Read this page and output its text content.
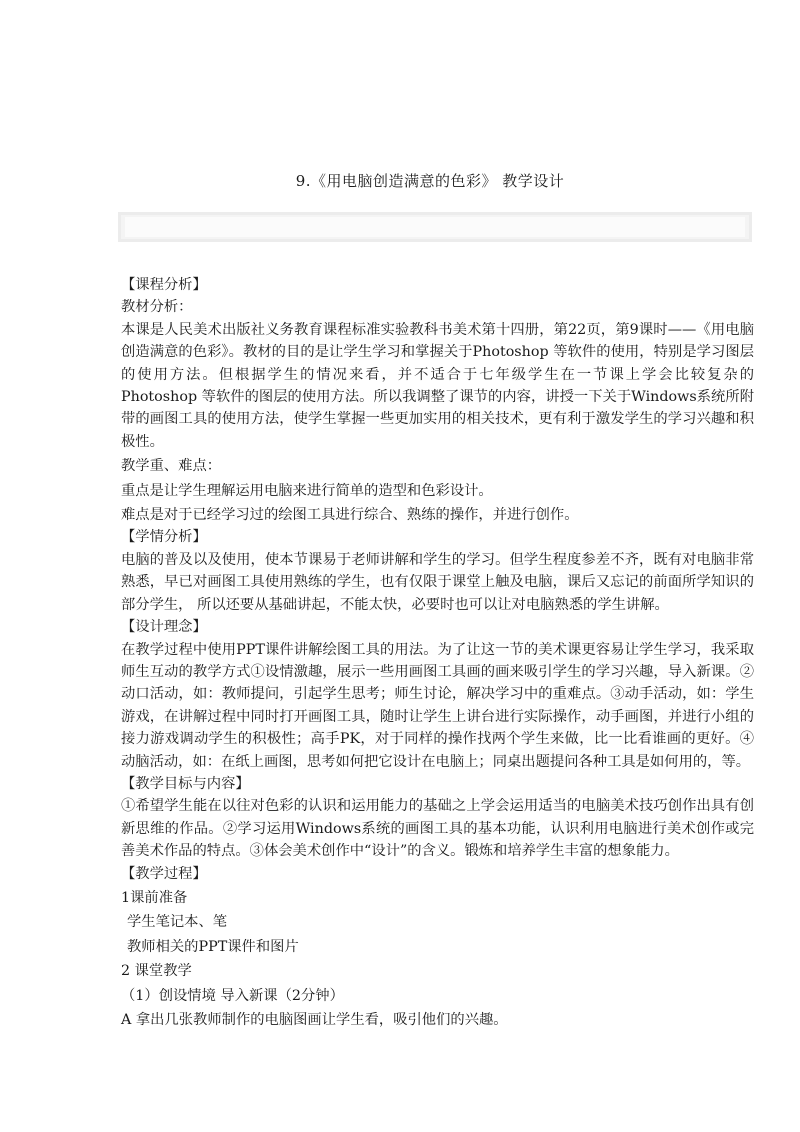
9.《用电脑创造满意的色彩》 教学设计

【课程分析】

教材分析：

本课是人民美术出版社义务教育课程标准实验教科书美术第十四册，第22页，第9课时——《用电脑创造满意的色彩》。教材的目的是让学生学习和掌握关于Photoshop 等软件的使用，特别是学习图层的使用方法。但根据学生的情况来看，并不适合于七年级学生在一节课上学会比较复杂的Photoshop 等软件的图层的使用方法。所以我调整了课节的内容，讲授一下关于Windows系统所附带的画图工具的使用方法，使学生掌握一些更加实用的相关技术，更有利于激发学生的学习兴趣和积极性。

教学重、难点：

重点是让学生理解运用电脑来进行简单的造型和色彩设计。

难点是对于已经学习过的绘图工具进行综合、熟练的操作，并进行创作。

【学情分析】

电脑的普及以及使用，使本节课易于老师讲解和学生的学习。但学生程度参差不齐，既有对电脑非常熟悉，早已对画图工具使用熟练的学生，也有仅限于课堂上触及电脑，课后又忘记的前面所学知识的部分学生， 所以还要从基础讲起，不能太快，必要时也可以让对电脑熟悉的学生讲解。

【设计理念】

在教学过程中使用PPT课件讲解绘图工具的用法。为了让这一节的美术课更容易让学生学习，我采取师生互动的教学方式①设情激趣，展示一些用画图工具画的画来吸引学生的学习兴趣，导入新课。②动口活动，如：教师提问，引起学生思考；师生讨论，解决学习中的重难点。③动手活动，如：学生游戏，在讲解过程中同时打开画图工具，随时让学生上讲台进行实际操作，动手画图，并进行小组的接力游戏调动学生的积极性；高手PK，对于同样的操作找两个学生来做，比一比看谁画的更好。④动脑活动，如：在纸上画图，思考如何把它设计在电脑上；同桌出题提问各种工具是如何用的，等。

【教学目标与内容】

①希望学生能在以往对色彩的认识和运用能力的基础之上学会运用适当的电脑美术技巧创作出具有创新思维的作品。②学习运用Windows系统的画图工具的基本功能，认识利用电脑进行美术创作或完善美术作品的特点。③体会美术创作中“设计”的含义。锻炼和培养学生丰富的想象能力。

【教学过程】

1课前准备

学生笔记本、笔

教师相关的PPT课件和图片

2 课堂教学

（1）创设情境 导入新课（2分钟）

A 拿出几张教师制作的电脑图画让学生看，吸引他们的兴趣。
